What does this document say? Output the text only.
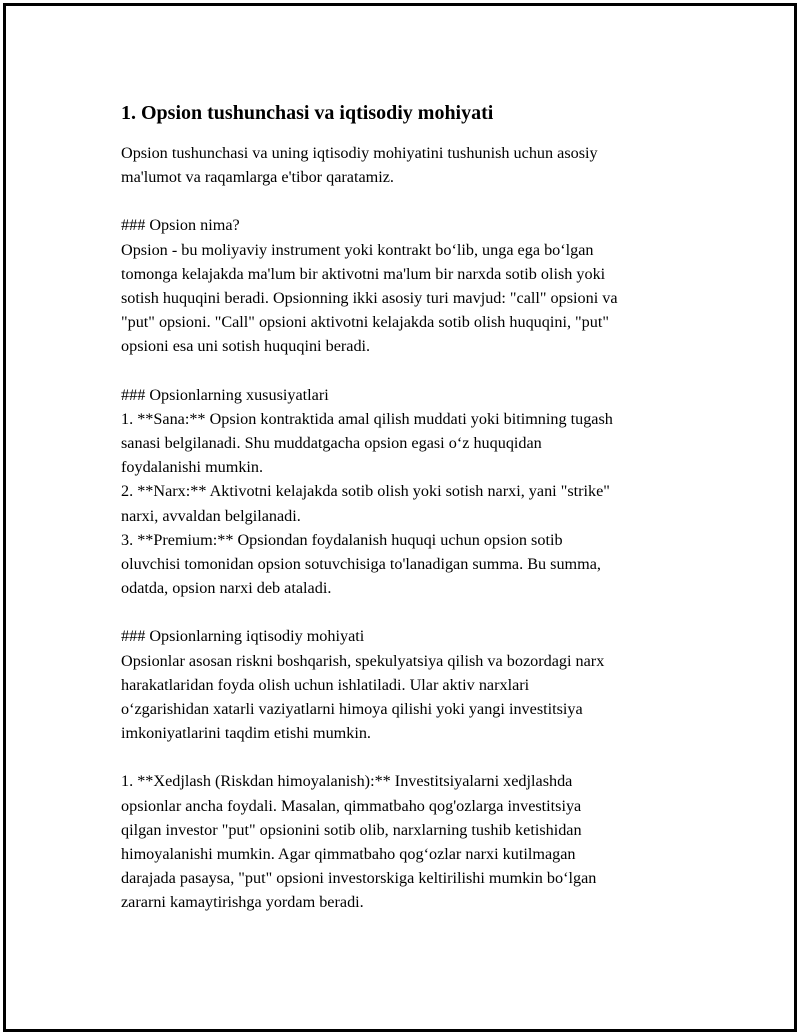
1. Opsion tushunchasi va iqtisodiy mohiyati

Opsion tushunchasi va uning iqtisodiy mohiyatini tushunish uchun asosiy

ma'lumot va raqamlarga e'tibor qaratamiz.

### Opsion nima?

Opsion - bu moliyaviy instrument yoki kontrakt boʻlib, unga ega boʻlgan

tomonga kelajakda ma'lum bir aktivotni ma'lum bir narxda sotib olish yoki

sotish huquqini beradi. Opsionning ikki asosiy turi mavjud: "call" opsioni va

"put" opsioni. "Call" opsioni aktivotni kelajakda sotib olish huquqini, "put"

opsioni esa uni sotish huquqini beradi.

### Opsionlarning xususiyatlari

1. **Sana:** Opsion kontraktida amal qilish muddati yoki bitimning tugash

sanasi belgilanadi. Shu muddatgacha opsion egasi oʻz huquqidan

foydalanishi mumkin.

2. **Narx:** Aktivotni kelajakda sotib olish yoki sotish narxi, yani "strike"

narxi, avvaldan belgilanadi.

3. **Premium:** Opsiondan foydalanish huquqi uchun opsion sotib

oluvchisi tomonidan opsion sotuvchisiga to'lanadigan summa. Bu summa,

odatda, opsion narxi deb ataladi.

### Opsionlarning iqtisodiy mohiyati

Opsionlar asosan riskni boshqarish, spekulyatsiya qilish va bozordagi narx

harakatlaridan foyda olish uchun ishlatiladi. Ular aktiv narxlari

oʻzgarishidan xatarli vaziyatlarni himoya qilishi yoki yangi investitsiya

imkoniyatlarini taqdim etishi mumkin.

1. **Xedjlash (Riskdan himoyalanish):** Investitsiyalarni xedjlashda

opsionlar ancha foydali. Masalan, qimmatbaho qog'ozlarga investitsiya

qilgan investor "put" opsionini sotib olib, narxlarning tushib ketishidan

himoyalanishi mumkin. Agar qimmatbaho qogʻozlar narxi kutilmagan

darajada pasaysa, "put" opsioni investorskiga keltirilishi mumkin boʻlgan

zararni kamaytirishga yordam beradi.
